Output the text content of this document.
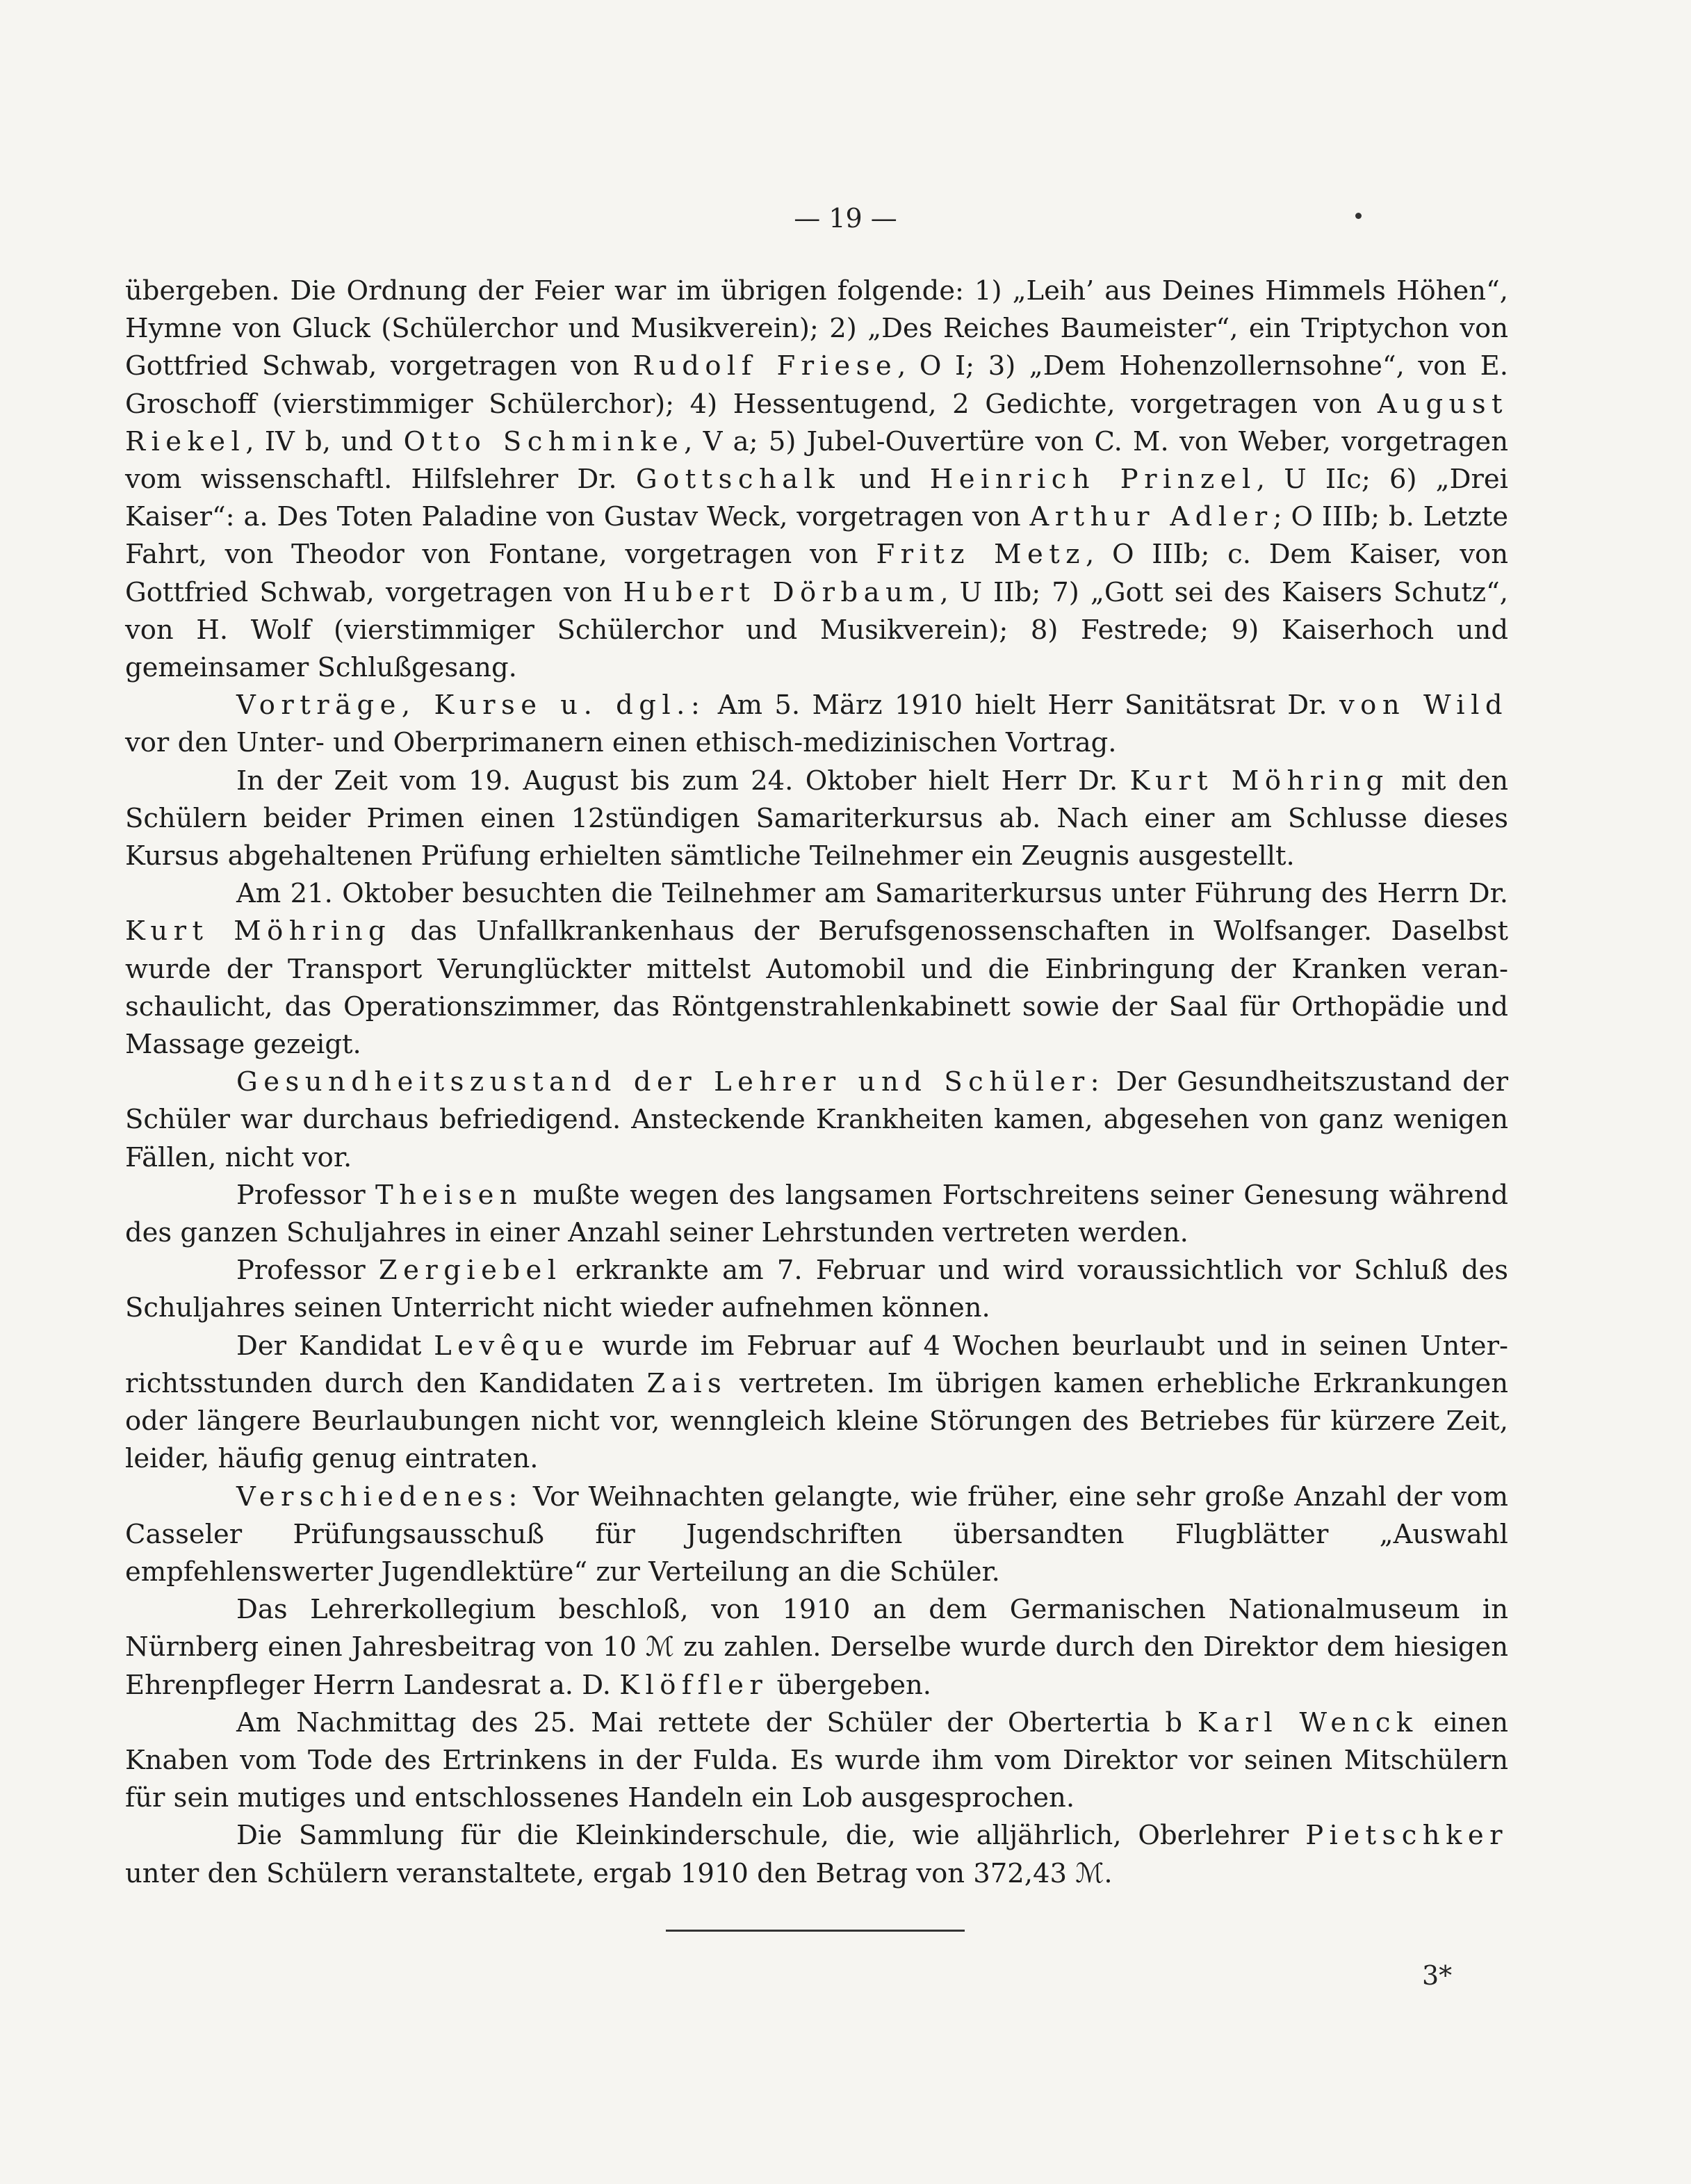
— 19 —

übergeben. Die Ordnung der Feier war im übrigen folgende: 1) „Leih’ aus Deines Himmels Höhen“, Hymne von Gluck (Schülerchor und Musikverein); 2) „Des Reiches Baumeister“, ein Triptychon von Gottfried Schwab, vorgetragen von Rudolf Friese, O I; 3) „Dem Hohenzollernsohne“, von E. Groschoff (vierstimmiger Schülerchor); 4) Hessentugend, 2 Gedichte, vorgetragen von August Riekel, IV b, und Otto Schminke, V a; 5) Jubel-Ouvertüre von C. M. von Weber, vorgetragen vom wissenschaftl. Hilfslehrer Dr. Gottschalk und Heinrich Prinzel, U IIc; 6) „Drei Kaiser“: a. Des Toten Paladine von Gustav Weck, vorgetragen von Arthur Adler; O IIIb; b. Letzte Fahrt, von Theodor von Fontane, vorgetragen von Fritz Metz, O IIIb; c. Dem Kaiser, von Gottfried Schwab, vorgetragen von Hubert Dörbaum, U IIb; 7) „Gott sei des Kaisers Schutz“, von H. Wolf (vierstimmiger Schülerchor und Musikverein); 8) Festrede; 9) Kaiserhoch und gemeinsamer Schlußgesang.

Vorträge, Kurse u. dgl.: Am 5. März 1910 hielt Herr Sanitätsrat Dr. von Wild vor den Unter- und Oberprimanern einen ethisch-medizinischen Vortrag.

In der Zeit vom 19. August bis zum 24. Oktober hielt Herr Dr. Kurt Möhring mit den Schülern beider Primen einen 12stündigen Samariterkursus ab. Nach einer am Schlusse dieses Kursus abgehaltenen Prüfung erhielten sämtliche Teilnehmer ein Zeugnis ausgestellt.

Am 21. Oktober besuchten die Teilnehmer am Samariterkursus unter Führung des Herrn Dr. Kurt Möhring das Unfallkrankenhaus der Berufsgenossenschaften in Wolfsanger. Daselbst wurde der Transport Verunglückter mittelst Automobil und die Einbringung der Kranken veranschaulicht, das Operationszimmer, das Röntgenstrahlenkabinett sowie der Saal für Orthopädie und Massage gezeigt.

Gesundheitszustand der Lehrer und Schüler: Der Gesundheitszustand der Schüler war durchaus befriedigend. Ansteckende Krankheiten kamen, abgesehen von ganz wenigen Fällen, nicht vor.

Professor Theisen mußte wegen des langsamen Fortschreitens seiner Genesung während des ganzen Schuljahres in einer Anzahl seiner Lehrstunden vertreten werden.

Professor Zergiebel erkrankte am 7. Februar und wird voraussichtlich vor Schluß des Schuljahres seinen Unterricht nicht wieder aufnehmen können.

Der Kandidat Levêque wurde im Februar auf 4 Wochen beurlaubt und in seinen Unterrichtsstunden durch den Kandidaten Zais vertreten. Im übrigen kamen erhebliche Erkrankungen oder längere Beurlaubungen nicht vor, wenngleich kleine Störungen des Betriebes für kürzere Zeit, leider, häufig genug eintraten.

Verschiedenes: Vor Weihnachten gelangte, wie früher, eine sehr große Anzahl der vom Casseler Prüfungsausschuß für Jugendschriften übersandten Flugblätter „Auswahl empfehlenswerter Jugendlektüre“ zur Verteilung an die Schüler.

Das Lehrerkollegium beschloß, von 1910 an dem Germanischen Nationalmuseum in Nürnberg einen Jahresbeitrag von 10 ℳ zu zahlen. Derselbe wurde durch den Direktor dem hiesigen Ehrenpfleger Herrn Landesrat a. D. Klöffler übergeben.

Am Nachmittag des 25. Mai rettete der Schüler der Obertertia b Karl Wenck einen Knaben vom Tode des Ertrinkens in der Fulda. Es wurde ihm vom Direktor vor seinen Mitschülern für sein mutiges und entschlossenes Handeln ein Lob ausgesprochen.

Die Sammlung für die Kleinkinderschule, die, wie alljährlich, Oberlehrer Pietschker unter den Schülern veranstaltete, ergab 1910 den Betrag von 372,43 ℳ.

3*
